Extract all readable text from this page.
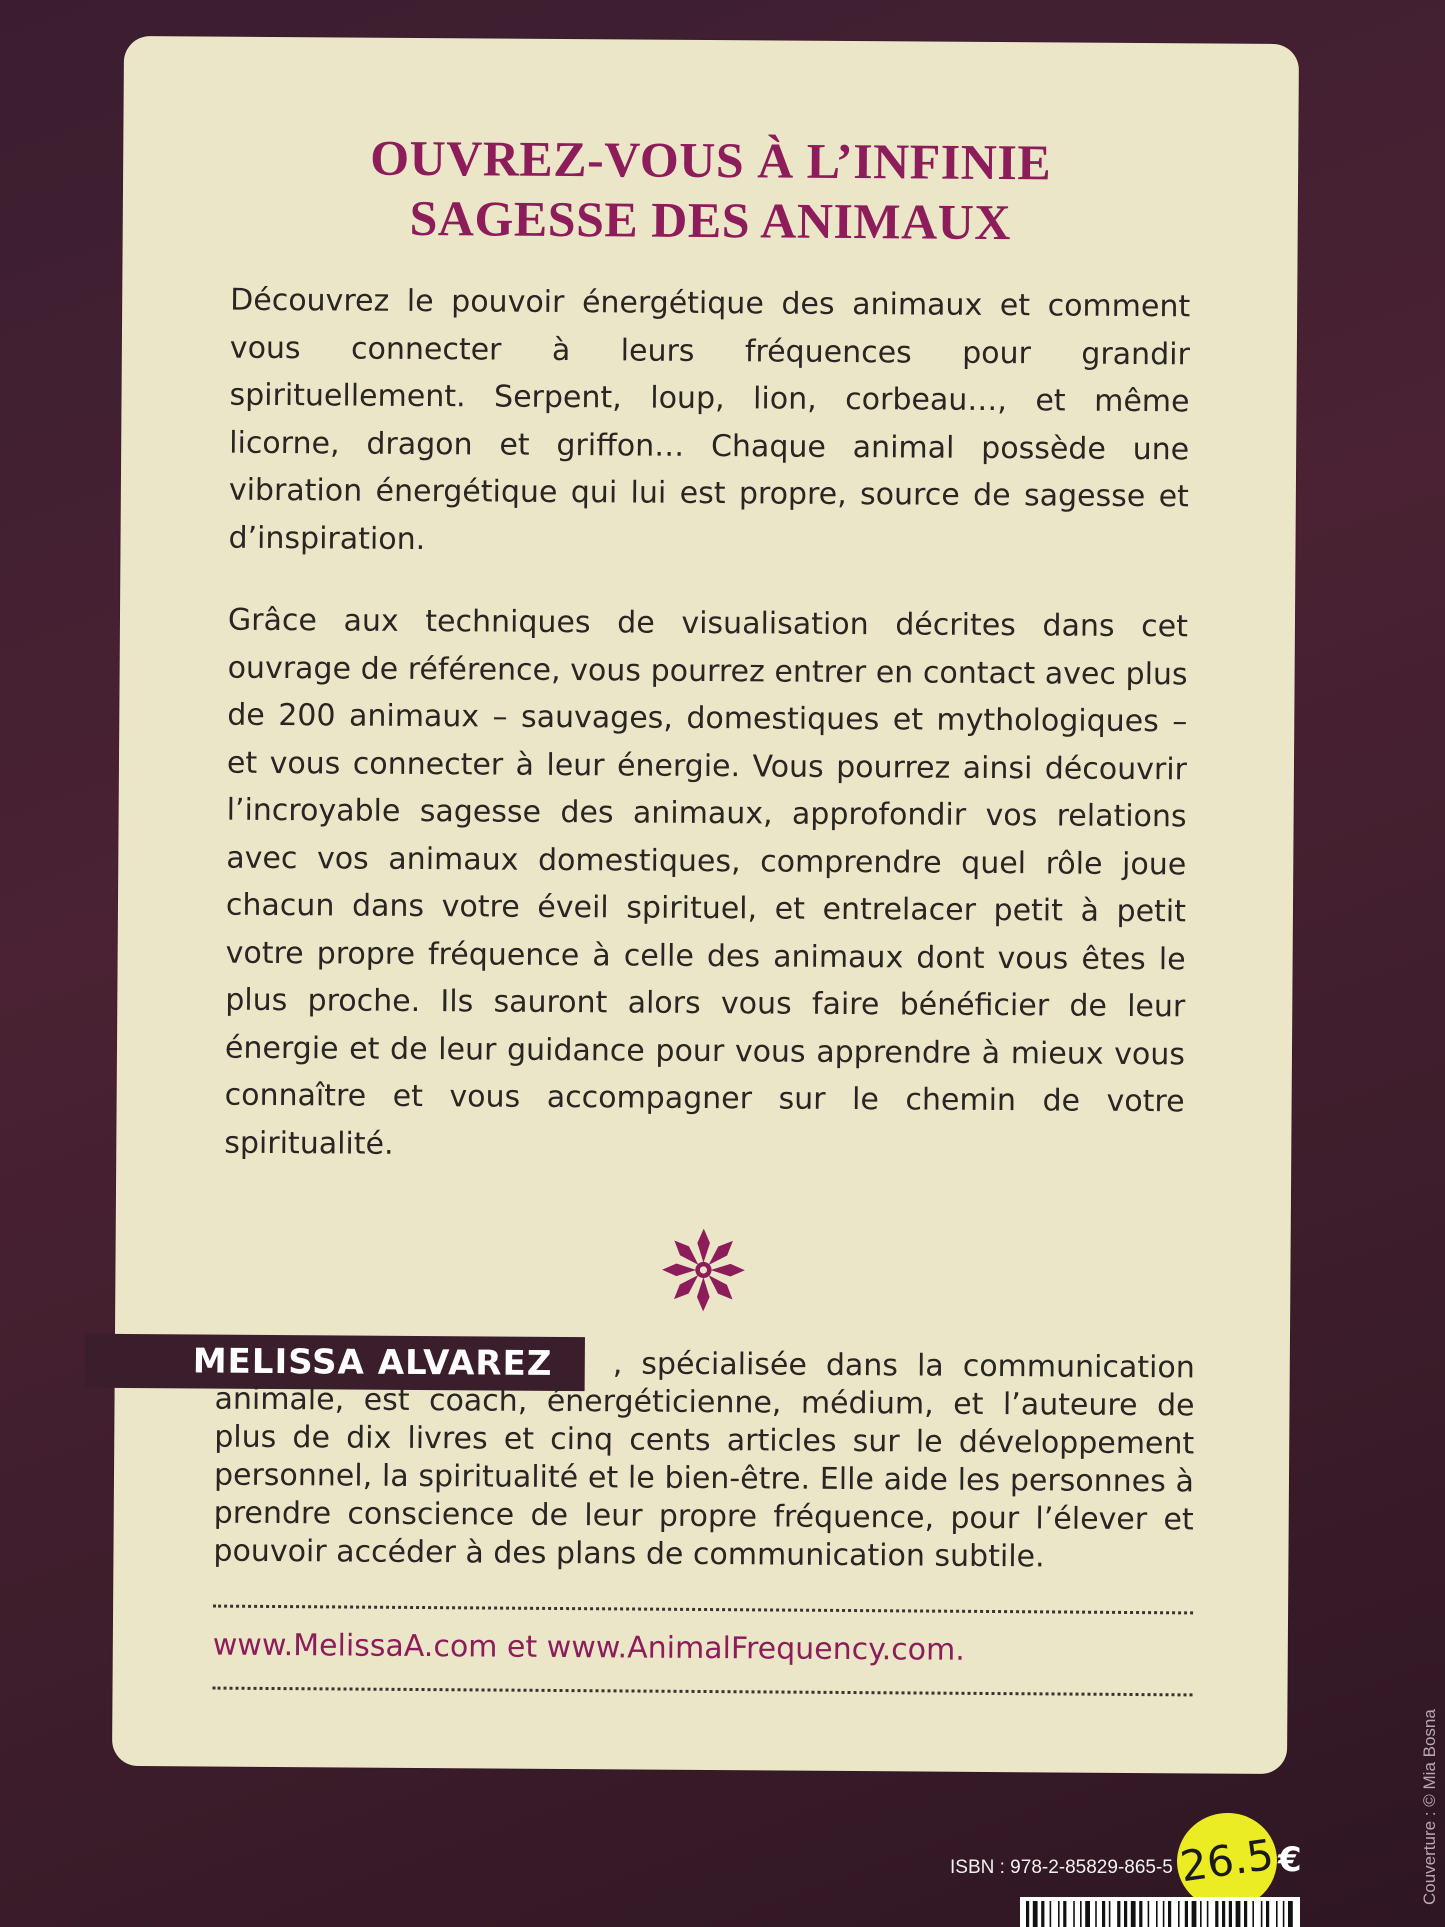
OUVREZ-VOUS À L’INFINIE
SAGESSE DES ANIMAUX

Découvrez le pouvoir énergétique des animaux et comment vous connecter à leurs fréquences pour grandir spirituellement. Serpent, loup, lion, corbeau…, et même licorne, dragon et griffon… Chaque animal possède une vibration énergétique qui lui est propre, source de sagesse et d’inspiration.

Grâce aux techniques de visualisation décrites dans cet ouvrage de référence, vous pourrez entrer en contact avec plus de 200 animaux – sauvages, domestiques et mythologiques – et vous connecter à leur énergie. Vous pourrez ainsi découvrir l’incroyable sagesse des animaux, approfondir vos relations avec vos animaux domestiques, comprendre quel rôle joue chacun dans votre éveil spirituel, et entrelacer petit à petit votre propre fréquence à celle des animaux dont vous êtes le plus proche. Ils sauront alors vous faire bénéficier de leur énergie et de leur guidance pour vous apprendre à mieux vous connaître et vous accompagner sur le chemin de votre spiritualité.

MELISSA ALVAREZ	, spécialisée dans la communication animale, est coach, énergéticienne, médium, et l’auteure de plus de dix livres et cinq cents articles sur le développement personnel, la spiritualité et le bien-être. Elle aide les personnes à prendre conscience de leur propre fréquence, pour l’élever et pouvoir accéder à des plans de communication subtile.

www.MelissaA.com et www.AnimalFrequency.com.
ISBN : 978-2-85829-865-5 26.5 €	Couverture : © Mia Bosna
